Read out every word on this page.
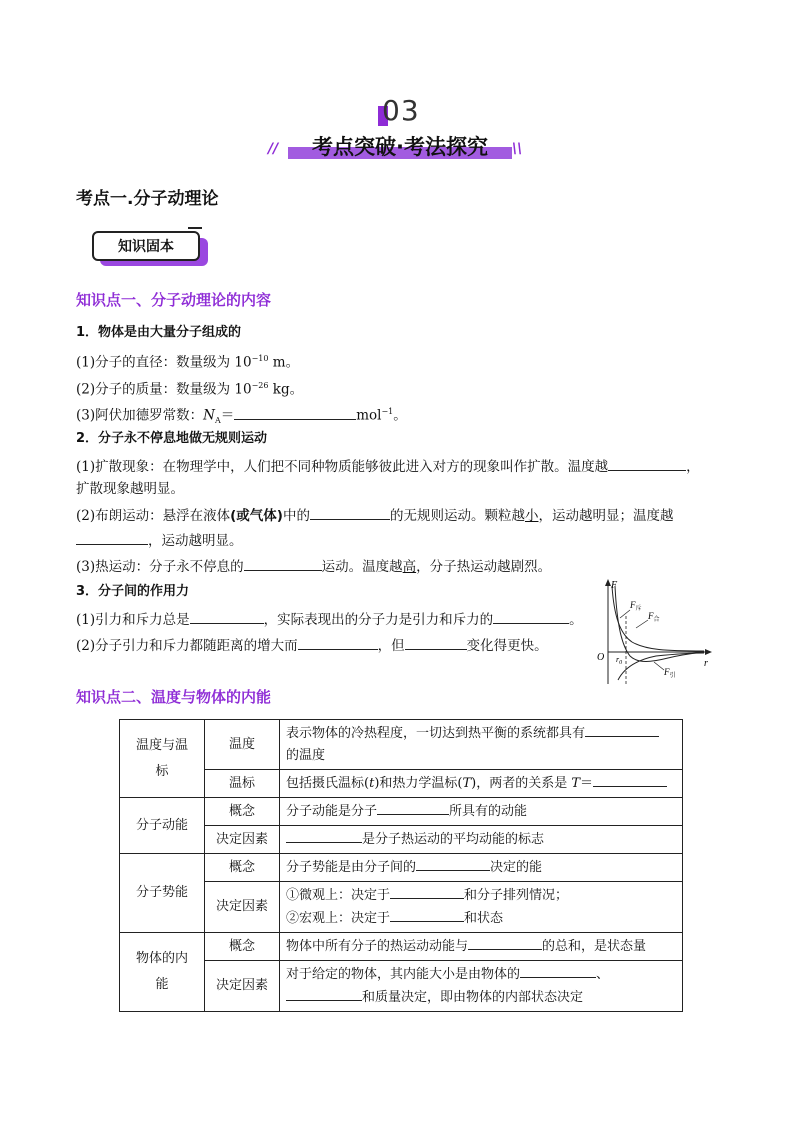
03
//	考点突破·考法探究	\\
考点一.分子动理论
知识固本
知识点一、分子动理论的内容
1．物体是由大量分子组成的
(1)分子的直径：数量级为 $10^{-10}$ m。
(2)分子的质量：数量级为 $10^{-26}$ kg。
(3)阿伏加德罗常数：$N_A=$	mol$^{-1}$。
2．分子永不停息地做无规则运动
(1)扩散现象：在物理学中，人们把不同种物质能够彼此进入对方的现象叫作扩散。温度越	，
扩散现象越明显。
(2)布朗运动：悬浮在液体(或气体)中的	的无规则运动。颗粒越小，运动越明显；温度越
，运动越明显。
(3)热运动：分子永不停息的	运动。温度越高，分子热运动越剧烈。
3．分子间的作用力
(1)引力和斥力总是	，实际表现出的分子力是引力和斥力的	。
(2)分子引力和斥力都随距离的增大而	，但	变化得更快。
F
r
O $r_0$
$F_斥$
$F_合$
$F_引$
知识点二、温度与物体的内能
温度与温标	温度	表示物体的冷热程度，一切达到热平衡的系统都具有
的温度
	温标	包括摄氏温标(t)和热力学温标(T)，两者的关系是 T＝
分子动能	概念	分子动能是分子 所具有的动能
	决定因素	是分子热运动的平均动能的标志
分子势能	概念	分子势能是由分子间的 决定的能
	决定因素	①微观上：决定于 和分子排列情况；
②宏观上：决定于 和状态
物体的内能	概念	物体中所有分子的热运动动能与 的总和，是状态量
	决定因素	对于给定的物体，其内能大小是由物体的 、
和质量决定，即由物体的内部状态决定
